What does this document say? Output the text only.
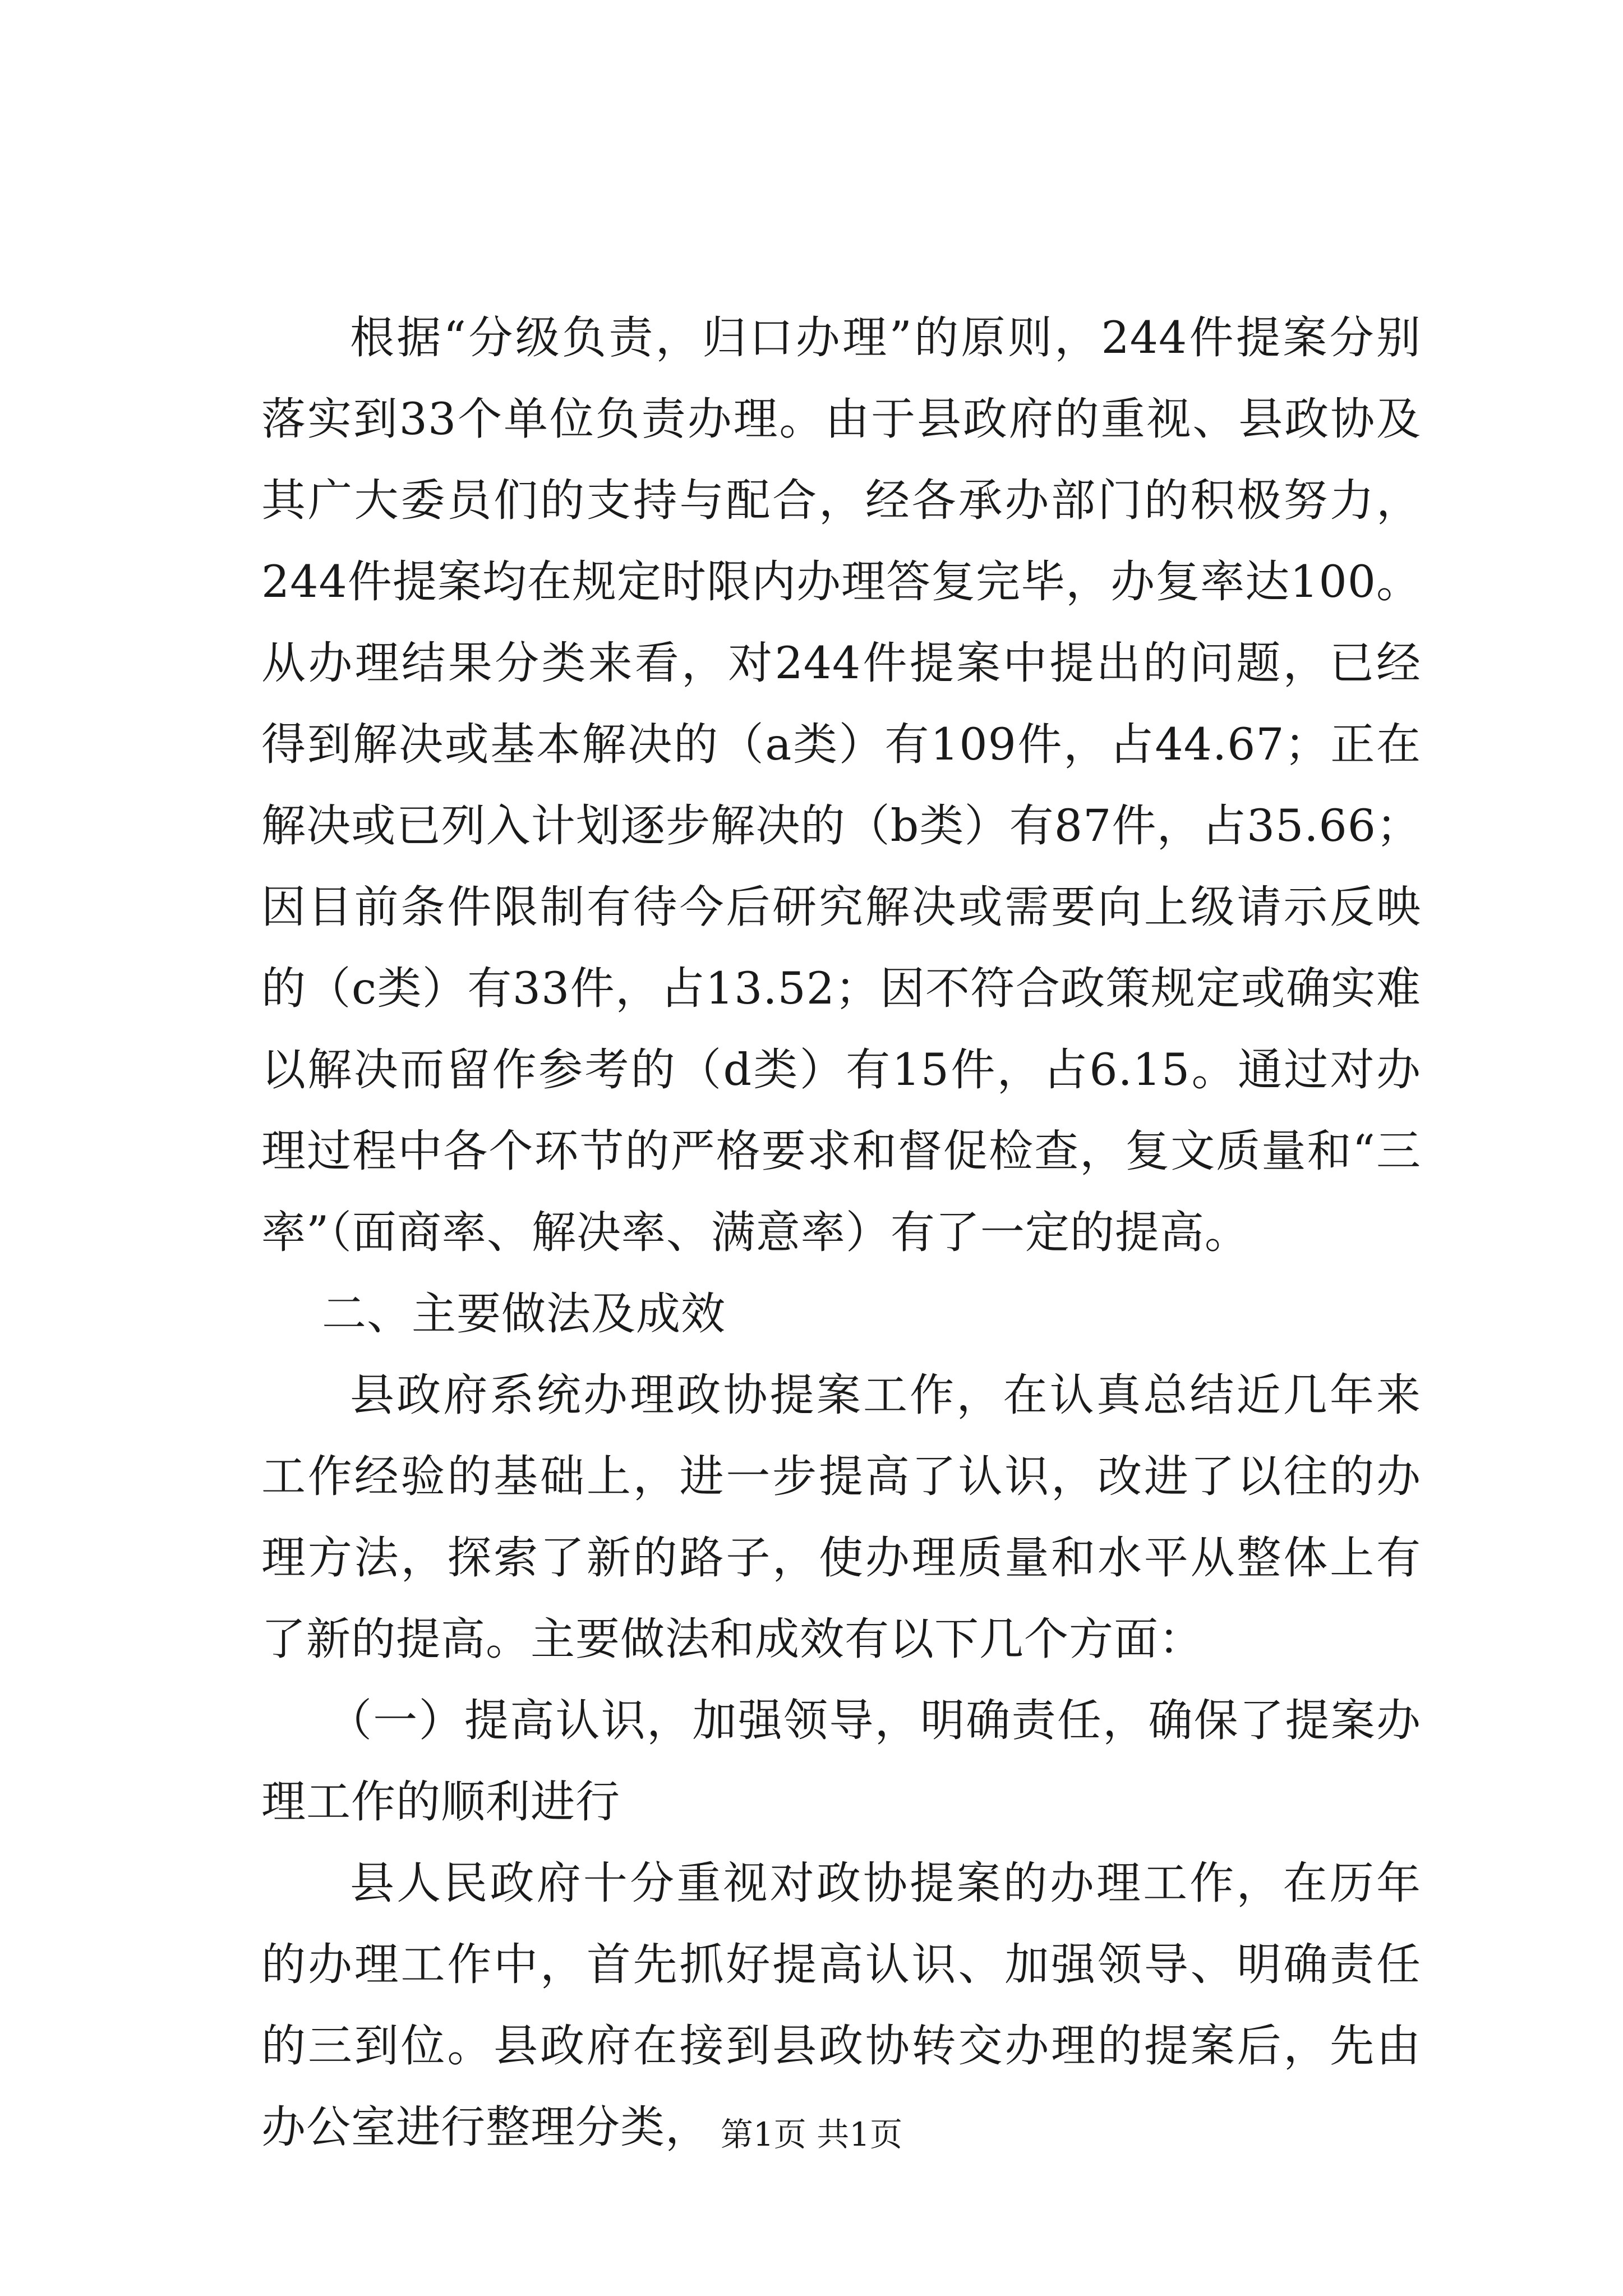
根据“分级负责，归口办理”的原则，244件提案分别落实到33个单位负责办理。由于县政府的重视、县政协及其广大委员们的支持与配合，经各承办部门的积极努力，244件提案均在规定时限内办理答复完毕，办复率达100。从办理结果分类来看，对244件提案中提出的问题，已经得到解决或基本解决的（a类）有109件，占44.67；正在解决或已列入计划逐步解决的（b类）有87件，占35.66；因目前条件限制有待今后研究解决或需要向上级请示反映的（c类）有33件，占13.52；因不符合政策规定或确实难以解决而留作参考的（d类）有15件，占6.15。通过对办理过程中各个环节的严格要求和督促检查，复文质量和“三率”（面商率、解决率、满意率）有了一定的提高。

二、主要做法及成效

县政府系统办理政协提案工作，在认真总结近几年来工作经验的基础上，进一步提高了认识，改进了以往的办理方法，探索了新的路子，使办理质量和水平从整体上有了新的提高。主要做法和成效有以下几个方面：

（一）提高认识，加强领导，明确责任，确保了提案办理工作的顺利进行

县人民政府十分重视对政协提案的办理工作，在历年的办理工作中，首先抓好提高认识、加强领导、明确责任的三到位。县政府在接到县政协转交办理的提案后，先由办公室进行整理分类， 第1页 共1页
